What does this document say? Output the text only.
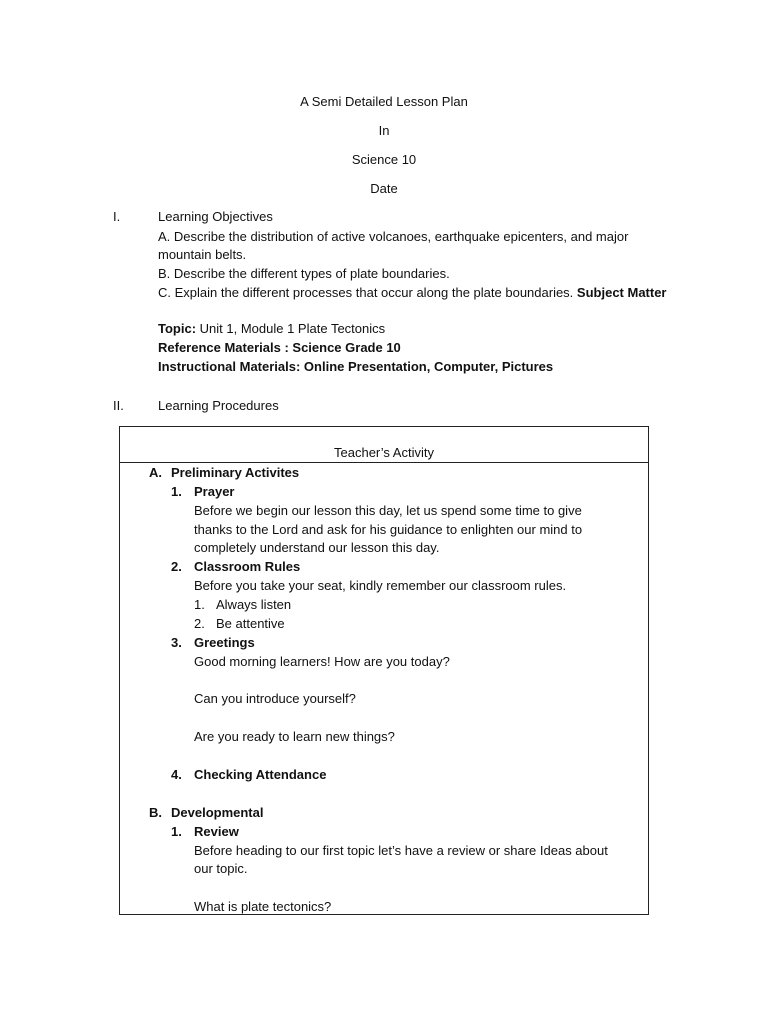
A Semi Detailed Lesson Plan
In
Science 10
Date
I.	Learning Objectives
A. Describe the distribution of active volcanoes, earthquake epicenters, and major
mountain belts.
B. Describe the different types of plate boundaries.
C. Explain the different processes that occur along the plate boundaries. Subject Matter
Topic: Unit 1, Module 1 Plate Tectonics
Reference Materials : Science Grade 10
Instructional Materials: Online Presentation, Computer, Pictures
II.	Learning Procedures
Teacher’s Activity
A. Preliminary Activites
1. Prayer
Before we begin our lesson this day, let us spend some time to give
thanks to the Lord and ask for his guidance to enlighten our mind to
completely understand our lesson this day.
2. Classroom Rules
Before you take your seat, kindly remember our classroom rules.
1. Always listen
2. Be attentive
3. Greetings
Good morning learners! How are you today?
Can you introduce yourself?
Are you ready to learn new things?
4. Checking Attendance
B. Developmental
1. Review
Before heading to our first topic let’s have a review or share Ideas about
our topic.
What is plate tectonics?
